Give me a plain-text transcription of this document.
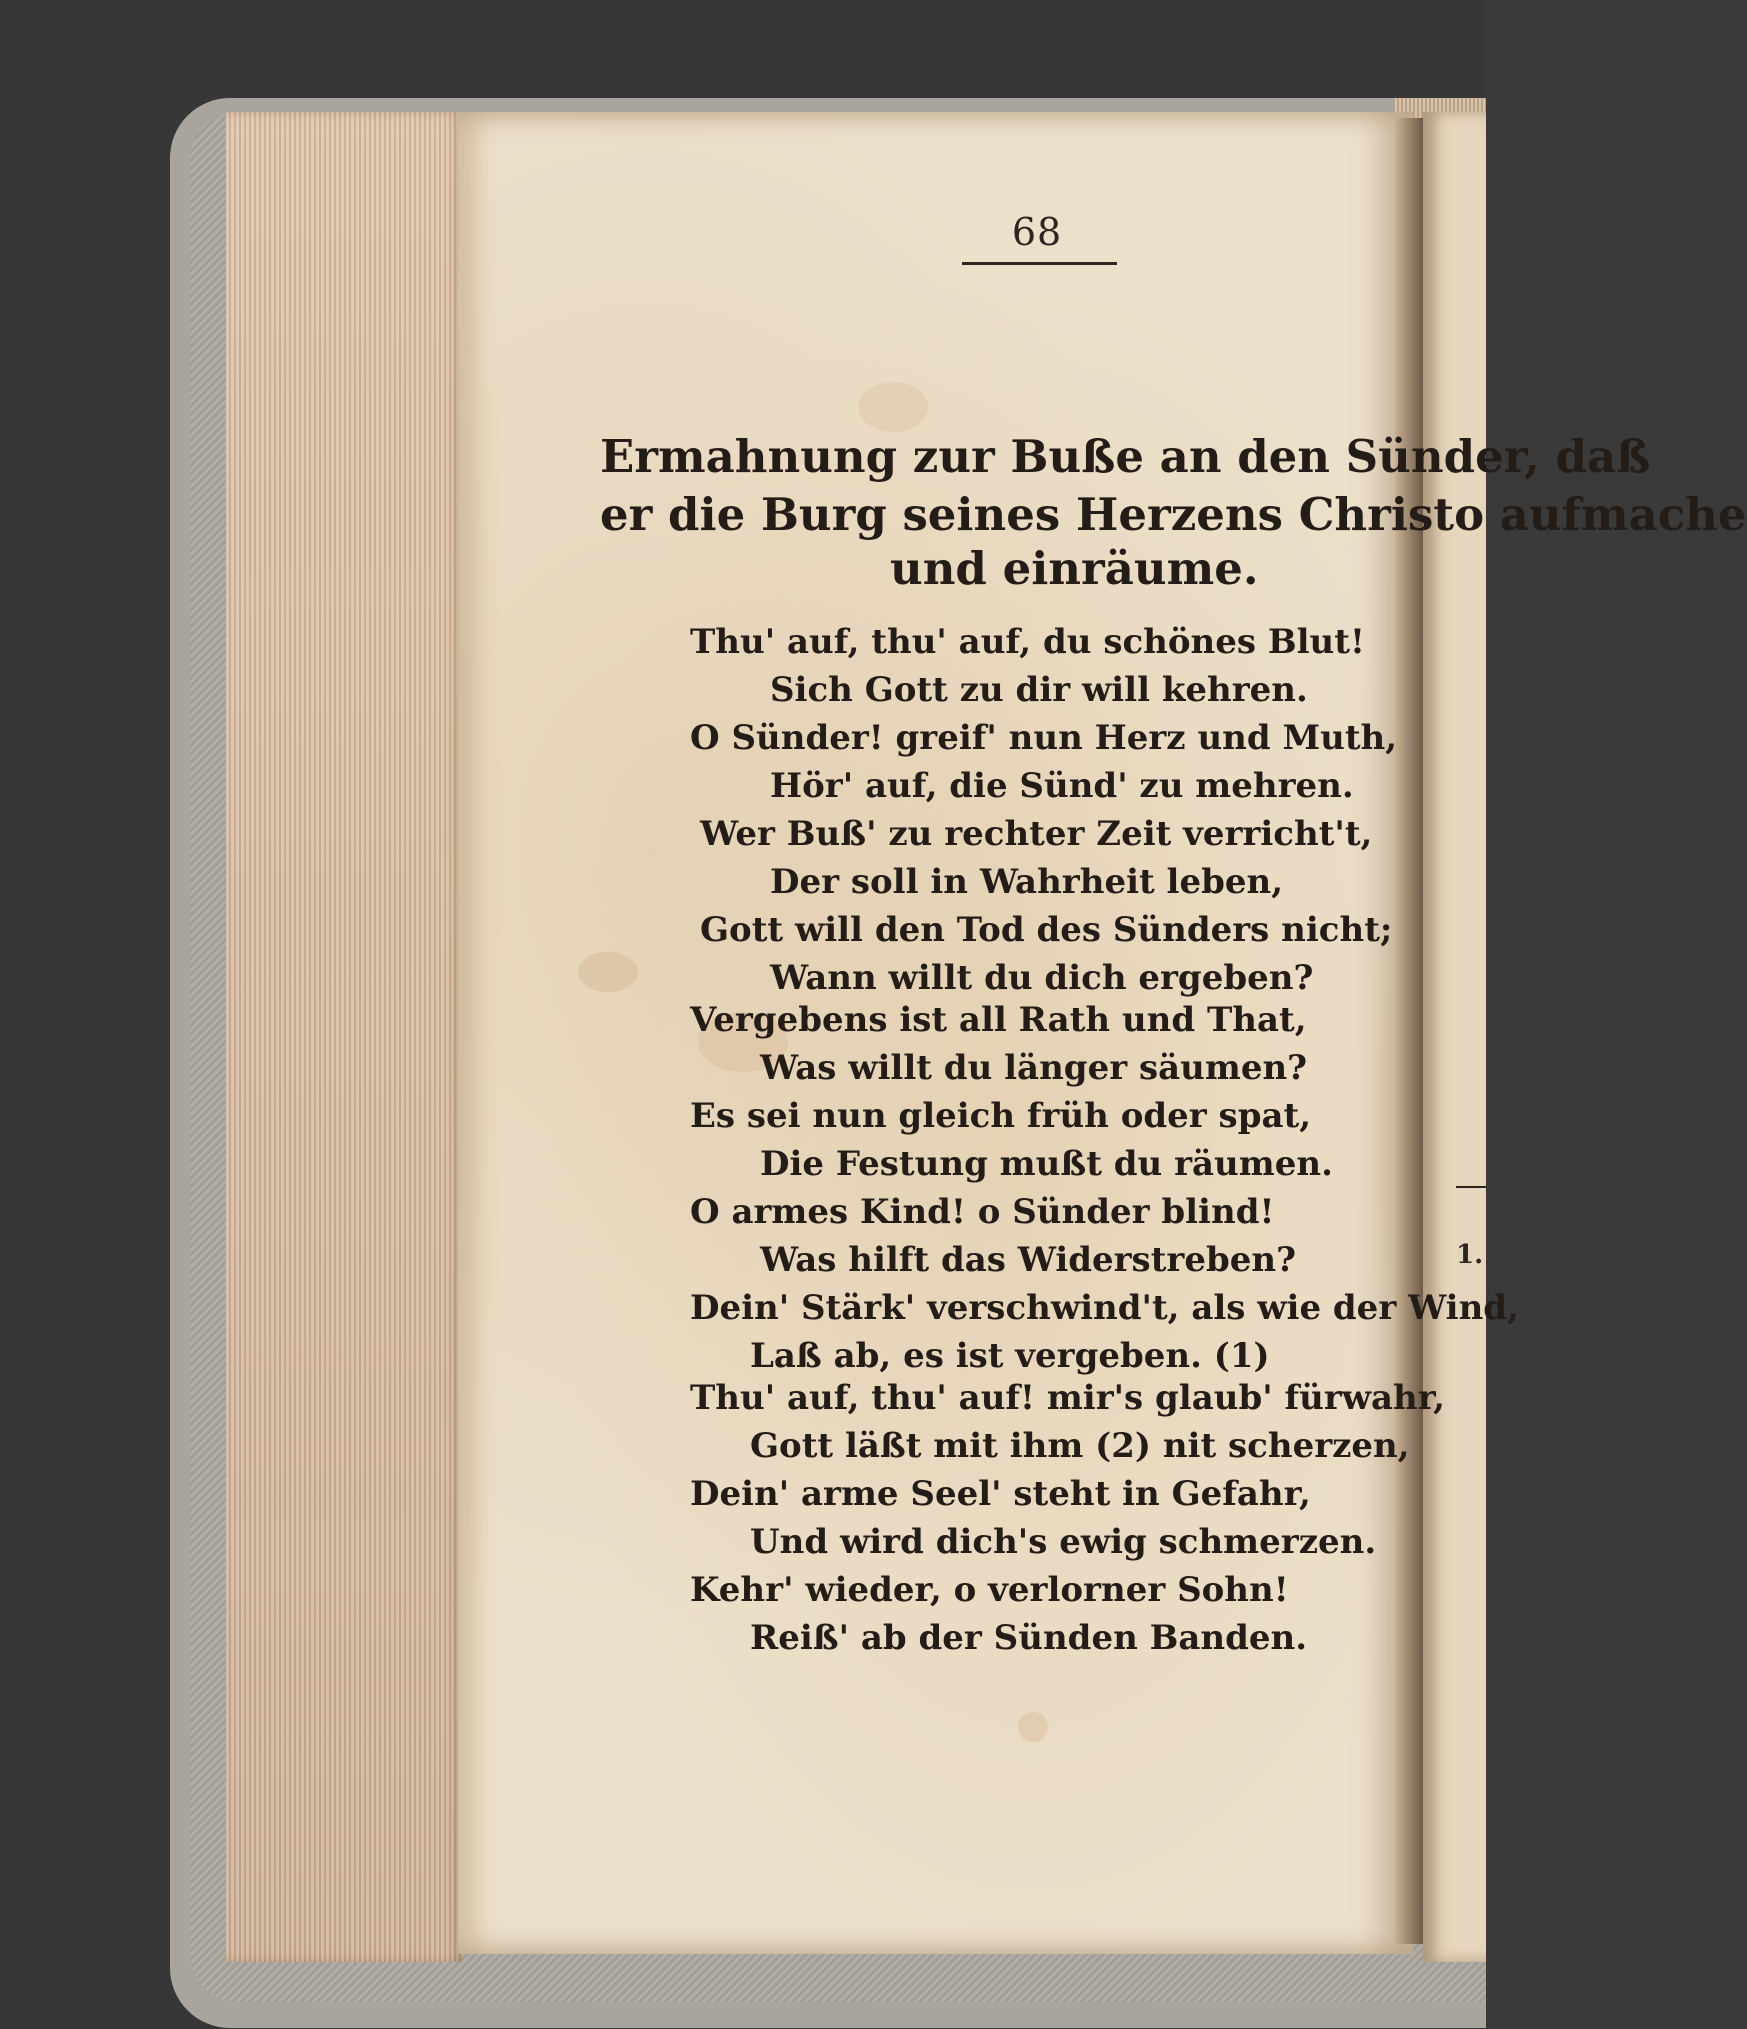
68
Ermahnung zur Buße an den Sünder, daß
er die Burg seines Herzens Christo aufmache
und einräume.
Thu' auf, thu' auf, du schönes Blut!
Sich Gott zu dir will kehren.
O Sünder! greif' nun Herz und Muth,
Hör' auf, die Sünd' zu mehren.
Wer Buß' zu rechter Zeit verricht't,
Der soll in Wahrheit leben,
Gott will den Tod des Sünders nicht;
Wann willt du dich ergeben?
Vergebens ist all Rath und That,
Was willt du länger säumen?
Es sei nun gleich früh oder spat,
Die Festung mußt du räumen.
O armes Kind! o Sünder blind!
Was hilft das Widerstreben?
Dein' Stärk' verschwind't, als wie der Wind,
Laß ab, es ist vergeben. (1)
Thu' auf, thu' auf! mir's glaub' fürwahr,
Gott läßt mit ihm (2) nit scherzen,
Dein' arme Seel' steht in Gefahr,
Und wird dich's ewig schmerzen.
Kehr' wieder, o verlorner Sohn!
Reiß' ab der Sünden Banden.
1.
